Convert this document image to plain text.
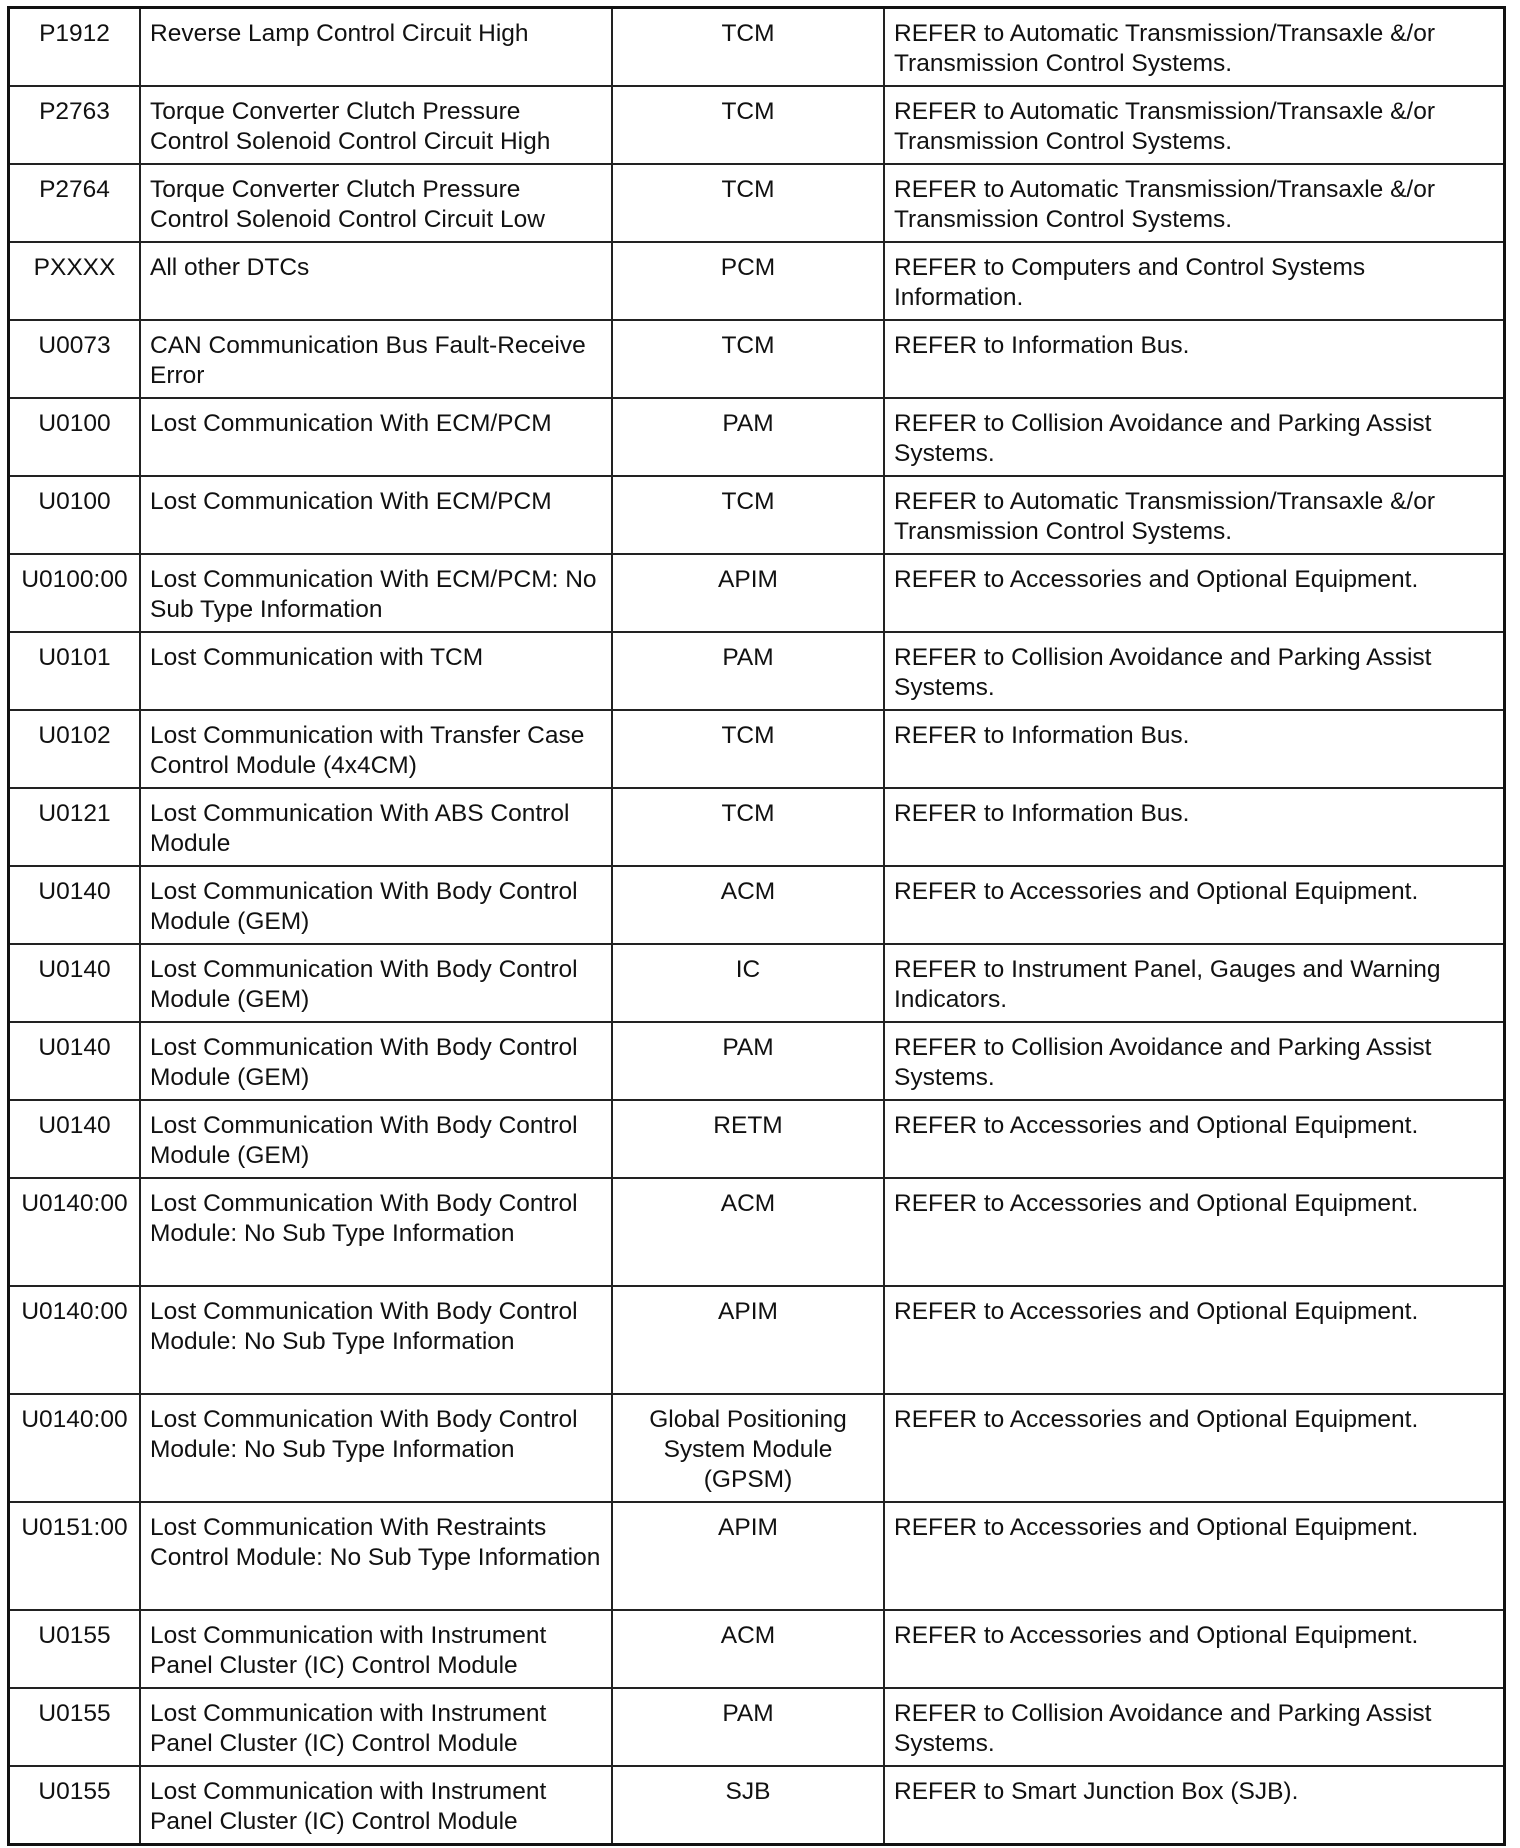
P1912	Reverse Lamp Control Circuit High	TCM	REFER to Automatic Transmission/Transaxle &/or Transmission Control Systems.
P2763	Torque Converter Clutch Pressure Control Solenoid Control Circuit High	TCM	REFER to Automatic Transmission/Transaxle &/or Transmission Control Systems.
P2764	Torque Converter Clutch Pressure Control Solenoid Control Circuit Low	TCM	REFER to Automatic Transmission/Transaxle &/or Transmission Control Systems.
PXXXX	All other DTCs	PCM	REFER to Computers and Control Systems Information.
U0073	CAN Communication Bus Fault-Receive Error	TCM	REFER to Information Bus.
U0100	Lost Communication With ECM/PCM	PAM	REFER to Collision Avoidance and Parking Assist Systems.
U0100	Lost Communication With ECM/PCM	TCM	REFER to Automatic Transmission/Transaxle &/or Transmission Control Systems.
U0100:00	Lost Communication With ECM/PCM: No Sub Type Information	APIM	REFER to Accessories and Optional Equipment.
U0101	Lost Communication with TCM	PAM	REFER to Collision Avoidance and Parking Assist Systems.
U0102	Lost Communication with Transfer Case Control Module (4x4CM)	TCM	REFER to Information Bus.
U0121	Lost Communication With ABS Control Module	TCM	REFER to Information Bus.
U0140	Lost Communication With Body Control Module (GEM)	ACM	REFER to Accessories and Optional Equipment.
U0140	Lost Communication With Body Control Module (GEM)	IC	REFER to Instrument Panel, Gauges and Warning Indicators.
U0140	Lost Communication With Body Control Module (GEM)	PAM	REFER to Collision Avoidance and Parking Assist Systems.
U0140	Lost Communication With Body Control Module (GEM)	RETM	REFER to Accessories and Optional Equipment.
U0140:00	Lost Communication With Body Control Module: No Sub Type Information	ACM	REFER to Accessories and Optional Equipment.
U0140:00	Lost Communication With Body Control Module: No Sub Type Information	APIM	REFER to Accessories and Optional Equipment.
U0140:00	Lost Communication With Body Control Module: No Sub Type Information	Global Positioning System Module (GPSM)	REFER to Accessories and Optional Equipment.
U0151:00	Lost Communication With Restraints Control Module: No Sub Type Information	APIM	REFER to Accessories and Optional Equipment.
U0155	Lost Communication with Instrument Panel Cluster (IC) Control Module	ACM	REFER to Accessories and Optional Equipment.
U0155	Lost Communication with Instrument Panel Cluster (IC) Control Module	PAM	REFER to Collision Avoidance and Parking Assist Systems.
U0155	Lost Communication with Instrument Panel Cluster (IC) Control Module	SJB	REFER to Smart Junction Box (SJB).
